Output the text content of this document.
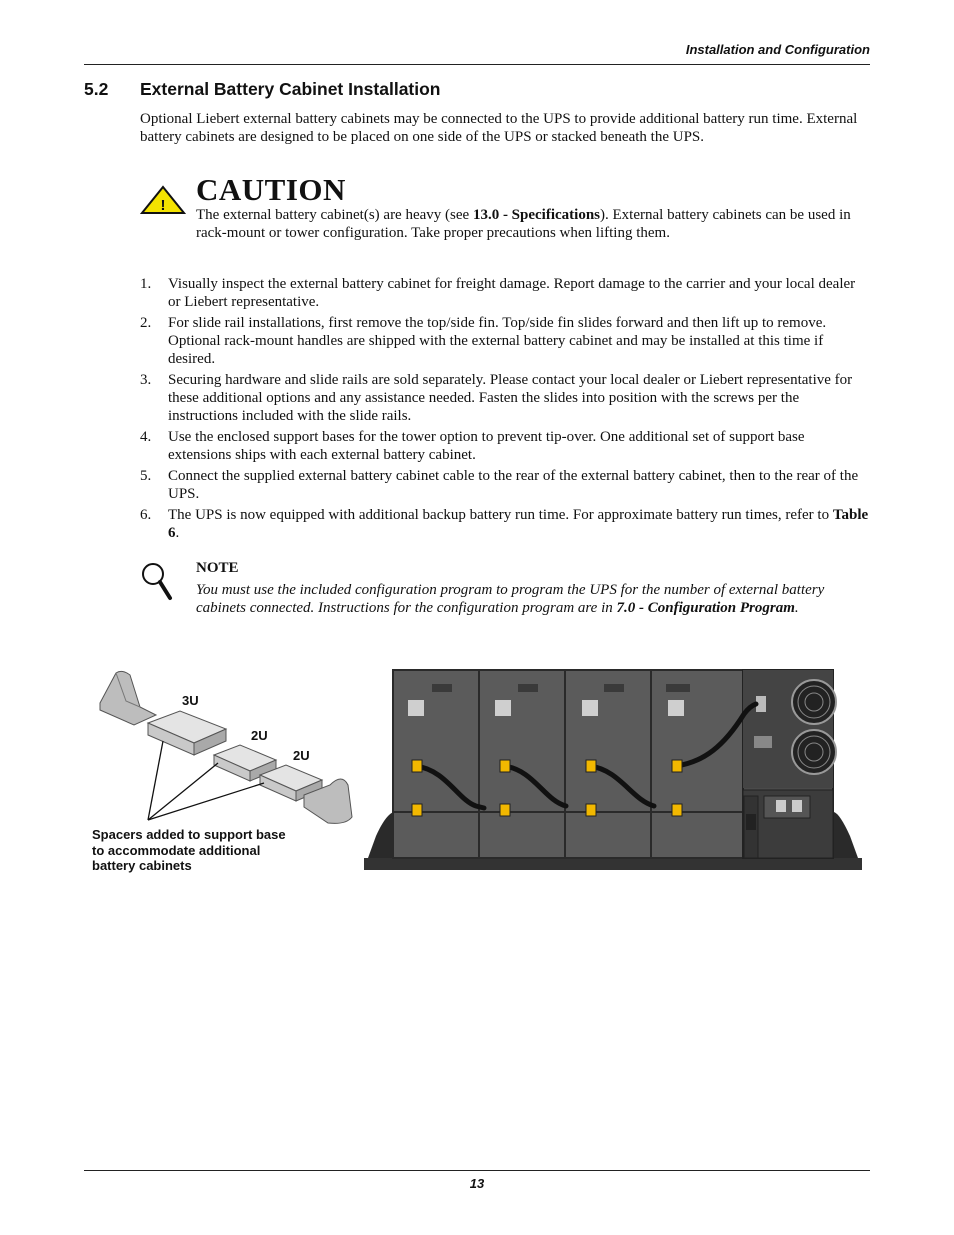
Installation and Configuration
5.2 External Battery Cabinet Installation
Optional Liebert external battery cabinets may be connected to the UPS to provide additional battery run time. External battery cabinets are designed to be placed on one side of the UPS or stacked beneath the UPS.
! CAUTION
The external battery cabinet(s) are heavy (see 13.0 - Specifications). External battery cabinets can be used in rack-mount or tower configuration. Take proper precautions when lifting them.
1. Visually inspect the external battery cabinet for freight damage. Report damage to the carrier and your local dealer or Liebert representative.
2. For slide rail installations, first remove the top/side fin. Top/side fin slides forward and then lift up to remove. Optional rack-mount handles are shipped with the external battery cabinet and may be installed at this time if desired.
3. Securing hardware and slide rails are sold separately. Please contact your local dealer or Liebert representative for these additional options and any assistance needed. Fasten the slides into position with the screws per the instructions included with the slide rails.
4. Use the enclosed support bases for the tower option to prevent tip-over. One additional set of support base extensions ships with each external battery cabinet.
5. Connect the supplied external battery cabinet cable to the rear of the external battery cabinet, then to the rear of the UPS.
6. The UPS is now equipped with additional backup battery run time. For approximate battery run times, refer to Table 6.
NOTE
You must use the included configuration program to program the UPS for the number of external battery cabinets connected. Instructions for the configuration program are in 7.0 - Configuration Program.
3U
2U
2U
Spacers added to support base to accommodate additional battery cabinets
13
